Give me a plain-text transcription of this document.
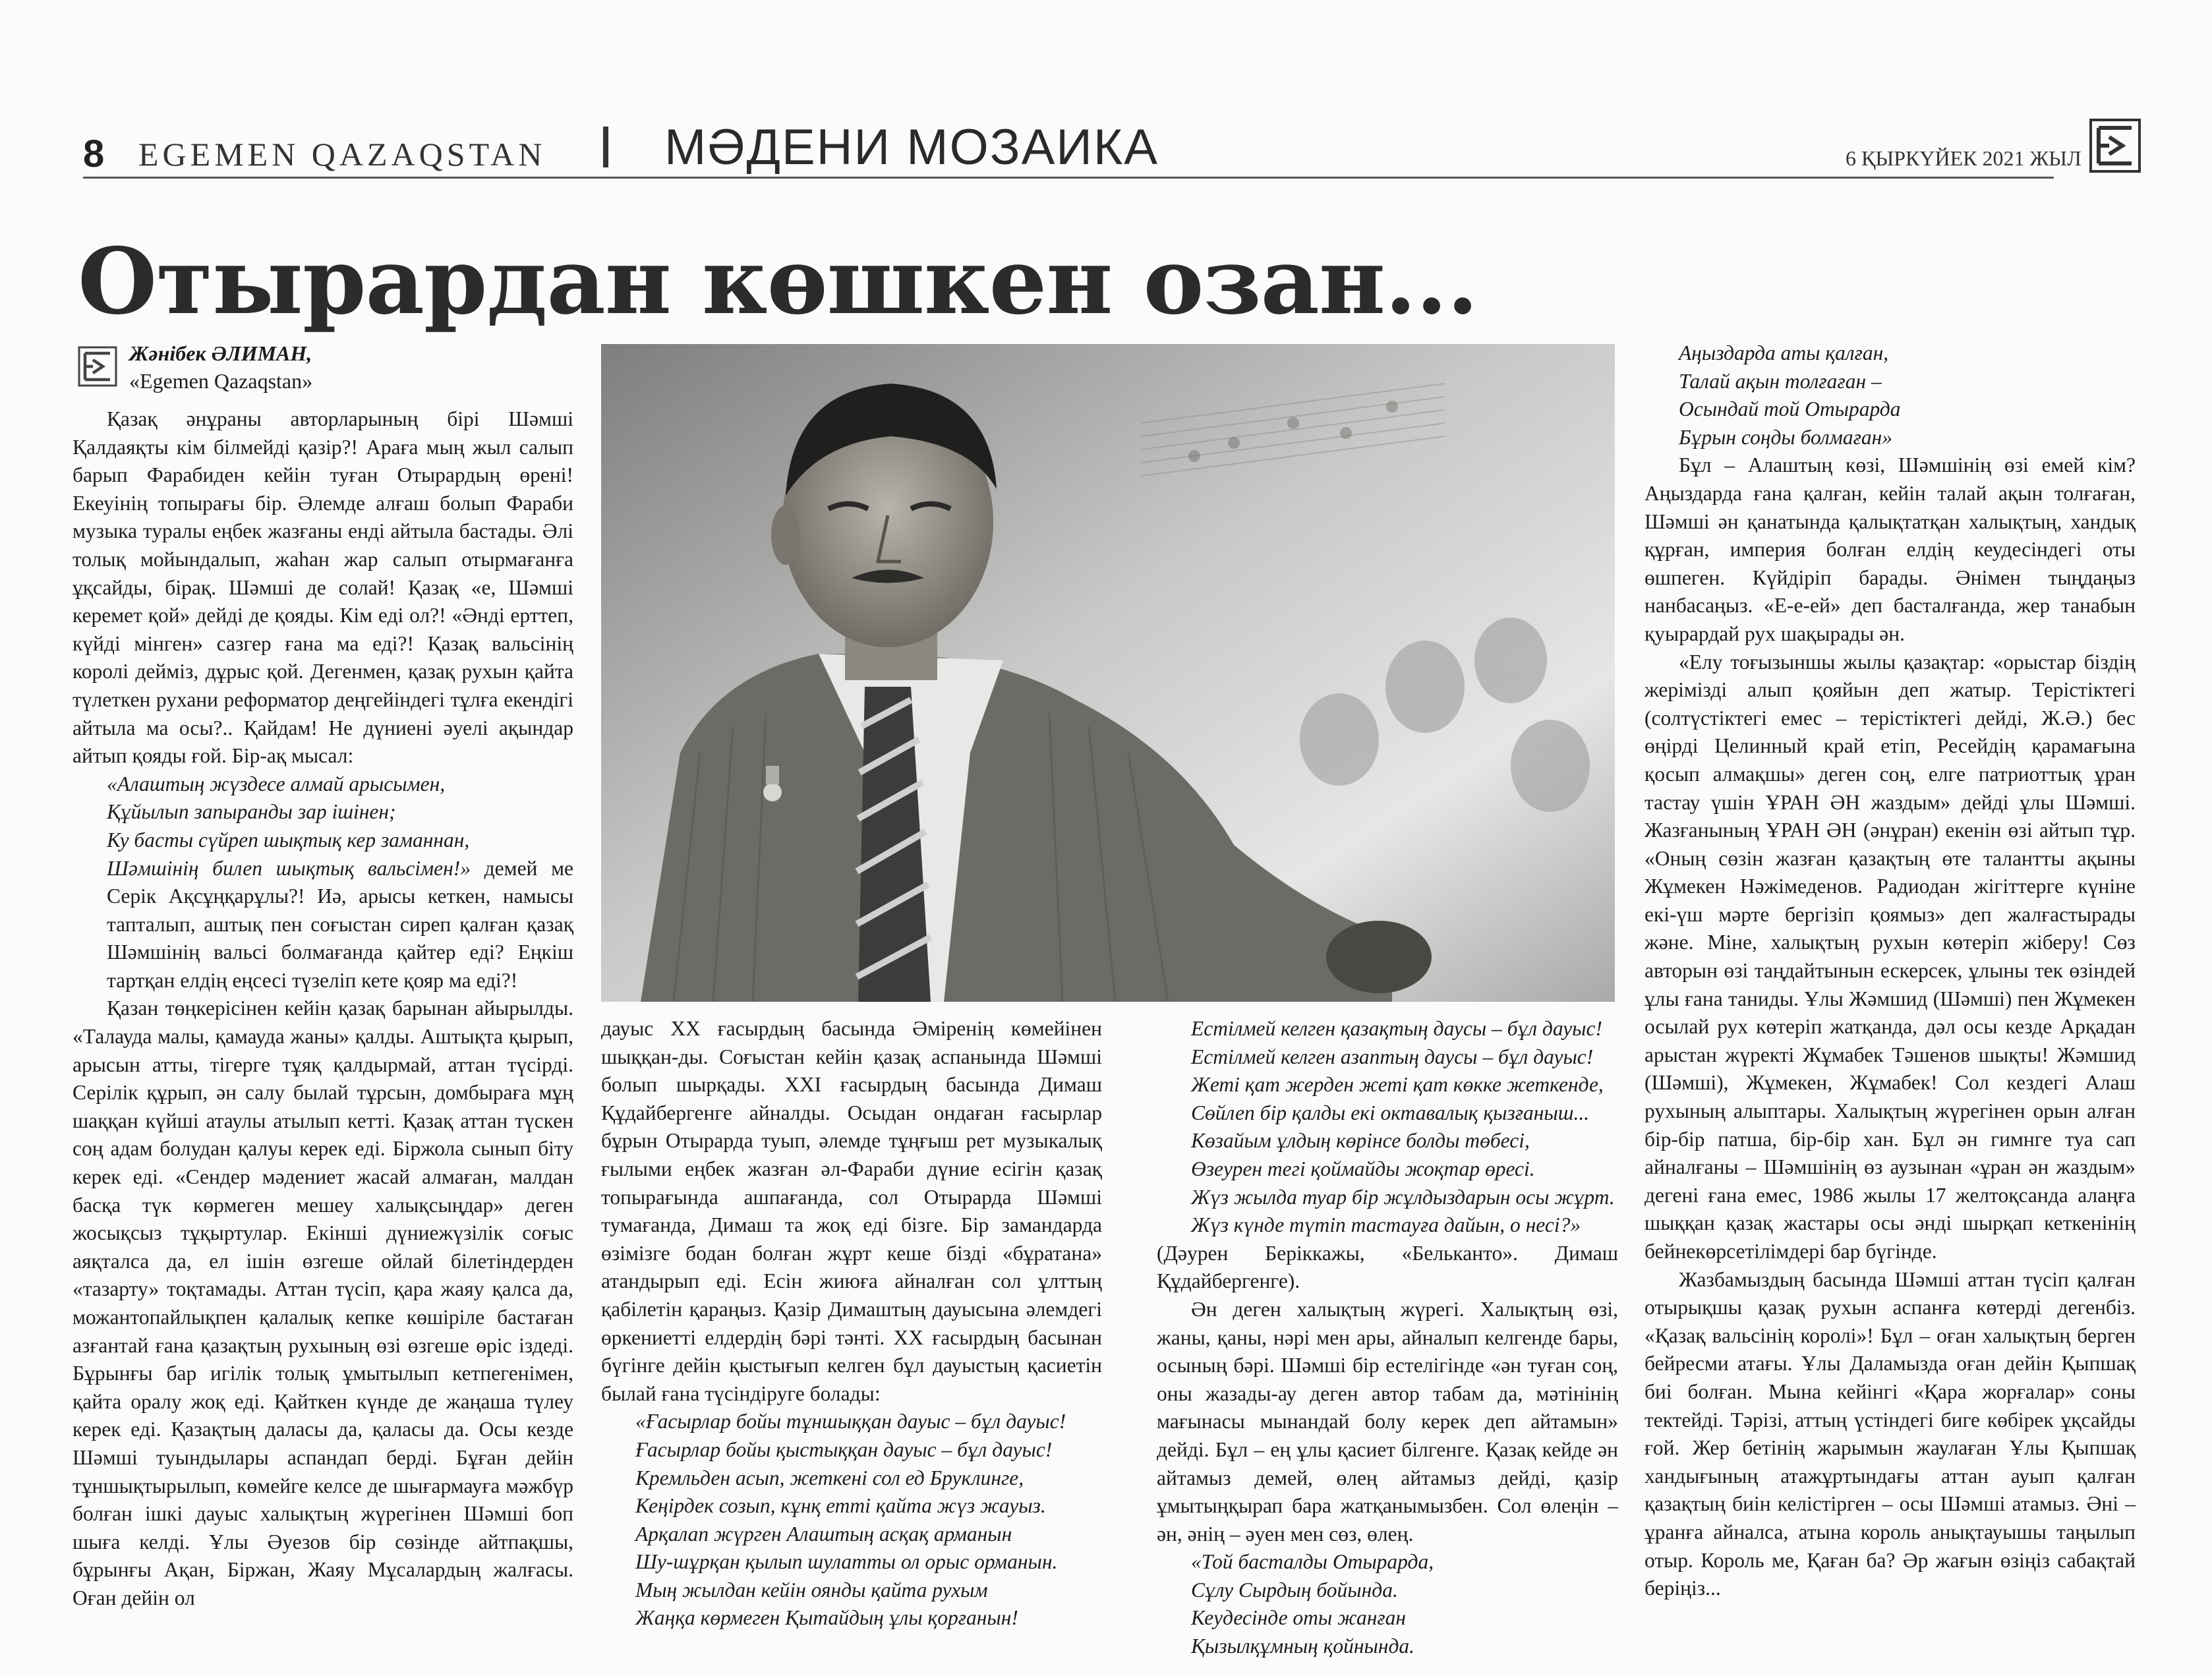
8 EGEMEN QAZAQSTAN МӘДЕНИ МОЗАИКА	6 ҚЫРКҮЙЕК 2021 ЖЫЛ
Отырардан көшкен озан...
Жәнібек ӘЛИМАН,
«Egemen Qazaqstan»

Қазақ әнұраны авторларының бірі Шәмші Қалдаяқты кім білмейді қазір?! Араға мың жыл салып барып Фарабиден кейін туған Отырардың өрені! Екеуінің топырағы бір. Әлемде алғаш болып Фараби музыка туралы еңбек жазғаны енді айтыла бастады. Әлі толық мойындалып, жаһан жар салып отырмағанға ұқсайды, бірақ. Шәмші де солай! Қазақ «е, Шәмші керемет қой» дейді де қояды. Кім еді ол?! «Әнді ерттеп, күйді мінген» сазгер ғана ма еді?! Қазақ вальсінің королі дейміз, дұрыс қой. Дегенмен, қазақ рухын қайта түлеткен рухани реформатор деңгейіндегі тұлға екендігі айтыла ма осы?.. Қайдам! Не дүниені әуелі ақындар айтып қояды ғой. Бір-ақ мысал:

«Алаштың жүздесе алмай арысымен,
Құйылып запыранды зар ішінен;
Ку басты сүйреп шықтық кер заманнан,

Шәмшінің билеп шықтық вальсімен!» демей ме Серік Ақсұңқарұлы?! Иә, арысы кеткен, намысы тапталып, аштық пен соғыстан сиреп қалған қазақ Шәмшінің вальсі болмағанда қайтер еді? Еңкіш тартқан елдің еңсесі түзеліп кете қояр ма еді?!

Қазан төңкерісінен кейін қазақ барынан айырылды. «Талауда малы, қамауда жаны» қалды. Аштықта қырып, арысын атты, тігерге тұяқ қалдырмай, аттан түсірді. Серілік құрып, ән салу былай тұрсын, домбыраға мұң шаққан күйші атаулы атылып кетті. Қазақ аттан түскен соң адам болудан қалуы керек еді. Біржола сынып біту керек еді. «Сендер мәдениет жасай алмаған, малдан басқа түк көрмеген мешеу халықсыңдар» деген жосықсыз тұқыртулар. Екінші дүниежүзілік соғыс аяқталса да, ел ішін өзгеше ойлай білетіндерден «тазарту» тоқтамады. Аттан түсіп, қара жаяу қалса да, можантопайлықпен қалалық кепке көшіріле бастаған азғантай ғана қазақтың рухының өзі өзгеше өріс іздеді. Бұрынғы бар игілік толық ұмытылып кетпегенімен, қайта оралу жоқ еді. Қайткен күнде де жаңаша түлеу керек еді. Қазақтың даласы да, қаласы да. Осы кезде Шәмші туындылары аспандап берді. Бұған дейін тұншықтырылып, көмейге келсе де шығармауға мәжбүр болған ішкі дауыс халықтың жүрегінен Шәмші боп шыға келді. Ұлы Әуезов бір сөзінде айтпақшы, бұрынғы Ақан, Біржан, Жаяу Мұсалардың жалғасы. Оған дейін ол

дауыс XX ғасырдың басында Әміренің көмейінен шыққан-ды. Соғыстан кейін қазақ аспанында Шәмші болып шырқады. XXI ғасырдың басында Димаш Құдайбергенге айналды. Осыдан ондаған ғасырлар бұрын Отырарда туып, әлемде тұңғыш рет музыкалық ғылыми еңбек жазған әл-Фараби дүние есігін қазақ топырағында ашпағанда, сол Отырарда Шәмші тумағанда, Димаш та жоқ еді бізге. Бір замандарда өзімізге бодан болған жұрт кеше бізді «бұратана» атандырып еді. Есін жиюға айналған сол ұлттың қабілетін қараңыз. Қазір Димаштың дауысына әлемдегі өркениетті елдердің бәрі тәнті. XX ғасырдың басынан бүгінге дейін қыстығып келген бұл дауыстың қасиетін былай ғана түсіндіруге болады:

«Ғасырлар бойы тұншыққан дауыс – бұл дауыс!
Ғасырлар бойы қыстыққан дауыс – бұл дауыс!
Кремльден асып, жеткені сол ед Бруклинге,
Кеңірдек созып, кұнқ етті қайта жүз жауыз.
Арқалап жүрген Алаштың асқақ арманын
Шу-шұрқан қылып шулатты ол орыс орманын.
Мың жылдан кейін оянды қайта рухым
Жаңқа көрмеген Қытайдың ұлы қорғанын!
Естілмей келген қазақтың даусы – бұл дауыс!
Естілмей келген азаптың даусы – бұл дауыс!
Жеті қат жерден жеті қат көкке жеткенде,
Сөйлеп бір қалды екі октавалық қызғаныш...
Көзайым ұлдың көрінсе болды төбесі,
Өзеурен тегі қоймайды жоқтар өресі.
Жүз жылда туар бір жұлдыздарын осы жұрт.
Жүз күнде түтіп тастауға дайын, о несі?»

(Дәурен Беріккажы, «Бельканто». Димаш Құдайбергенге).

Ән деген халықтың жүрегі. Халықтың өзі, жаны, қаны, нәрі мен ары, айналып келгенде бары, осының бәрі. Шәмші бір естелігінде «ән туған соң, оны жазады-ау деген автор табам да, мәтінінің мағынасы мынандай болу керек деп айтамын» дейді. Бұл – ең ұлы қасиет білгенге. Қазақ кейде ән айтамыз демей, өлең айтамыз дейді, қазір ұмытыңқырап бара жатқанымызбен. Сол өлеңін – ән, әнің – әуен мен сөз, өлең.

«Той басталды Отырарда,
Сұлу Сырдың бойында.
Кеудесінде оты жанған
Қызылқұмның қойнында.
Аңыздарда аты қалған,
Талай ақын толғаған –
Осындай той Отырарда
Бұрын соңды болмаған»

Бұл – Алаштың көзі, Шәмшінің өзі емей кім? Аңыздарда ғана қалған, кейін талай ақын толғаған, Шәмші ән қанатында қалықтатқан халықтың, хандық құрған, империя болған елдің кеудесіндегі оты өшпеген. Күйдіріп барады. Әнімен тыңдаңыз нанбасаңыз. «Е-е-ей» деп басталғанда, жер танабын қуырардай рух шақырады ән.

«Елу тоғызыншы жылы қазақтар: «орыстар біздің жерімізді алып қояйын деп жатыр. Терістіктегі (солтүстіктегі емес – терістіктегі дейді, Ж.Ә.) бес өңірді Целинный край етіп, Ресейдің қарамағына қосып алмақшы» деген соң, елге патриоттық ұран тастау үшін ҰРАН ӘН жаздым» дейді ұлы Шәмші. Жазғанының ҰРАН ӘН (әнұран) екенін өзі айтып тұр. «Оның сөзін жазған қазақтың өте талантты ақыны Жұмекен Нәжімеденов. Радиодан жігіттерге күніне екі-үш мәрте бергізіп қоямыз» деп жалғастырады және. Міне, халықтың рухын көтеріп жіберу! Сөз авторын өзі таңдайтынын ескерсек, ұлыны тек өзіндей ұлы ғана таниды. Ұлы Жәмшид (Шәмші) пен Жұмекен осылай рух көтеріп жатқанда, дәл осы кезде Арқадан арыстан жүректі Жұмабек Тәшенов шықты! Жәмшид (Шәмші), Жұмекен, Жұмабек! Сол кездегі Алаш рухының алыптары. Халықтың жүрегінен орын алған бір-бір патша, бір-бір хан. Бұл ән гимнге туа сап айналғаны – Шәмшінің өз аузынан «ұран ән жаздым» дегені ғана емес, 1986 жылы 17 желтоқсанда алаңға шыққан қазақ жастары осы әнді шырқап кеткенінің бейнекөрсетілімдері бар бүгінде.

Жазбамыздың басында Шәмші аттан түсіп қалған отырықшы қазақ рухын аспанға көтерді дегенбіз. «Қазақ вальсінің королі»! Бұл – оған халықтың берген бейресми атағы. Ұлы Даламызда оған дейін Қыпшақ биі болған. Мына кейінгі «Қара жорғалар» соны тектейді. Тәрізі, аттың үстіндегі биге көбірек ұқсайды ғой. Жер бетінің жарымын жаулаған Ұлы Қыпшақ хандығының атажұртындағы аттан ауып қалған қазақтың биін келістірген – осы Шәмші атамыз. Әні – ұранға айналса, атына король анықтауышы таңылып отыр. Король ме, Қаған ба? Әр жағын өзіңіз сабақтай беріңіз...
